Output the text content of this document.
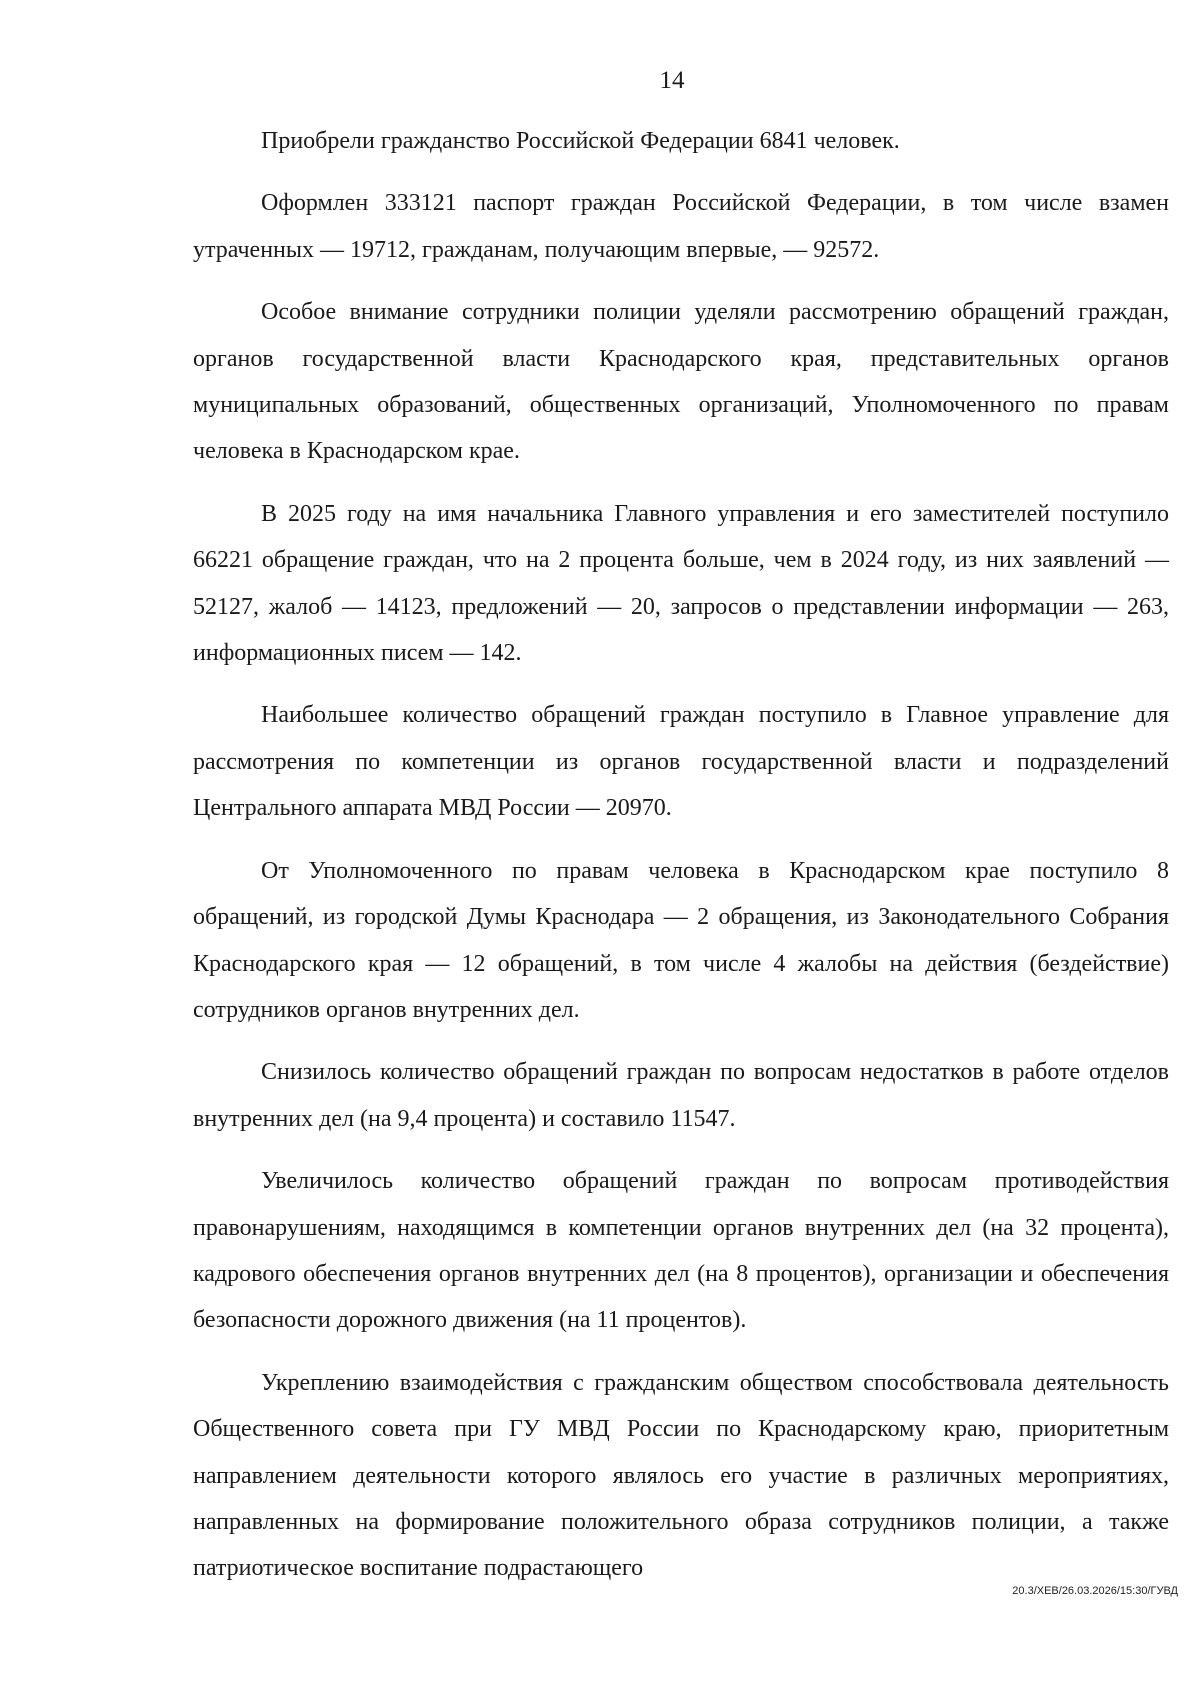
14

Приобрели гражданство Российской Федерации 6841 человек.

Оформлен 333121 паспорт граждан Российской Федерации, в том числе взамен утраченных — 19712, гражданам, получающим впервые, — 92572.

Особое внимание сотрудники полиции уделяли рассмотрению обращений граждан, органов государственной власти Краснодарского края, представительных органов муниципальных образований, общественных организаций, Уполномоченного по правам человека в Краснодарском крае.

В 2025 году на имя начальника Главного управления и его заместителей поступило 66221 обращение граждан, что на 2 процента больше, чем в 2024 году, из них заявлений — 52127, жалоб — 14123, предложений — 20, запросов о представлении информации — 263, информационных писем — 142.

Наибольшее количество обращений граждан поступило в Главное управление для рассмотрения по компетенции из органов государственной власти и подразделений Центрального аппарата МВД России — 20970.

От Уполномоченного по правам человека в Краснодарском крае поступило 8 обращений, из городской Думы Краснодара — 2 обращения, из Законодательного Собрания Краснодарского края — 12 обращений, в том числе 4 жалобы на действия (бездействие) сотрудников органов внутренних дел.

Снизилось количество обращений граждан по вопросам недостатков в работе отделов внутренних дел (на 9,4 процента) и составило 11547.

Увеличилось количество обращений граждан по вопросам противодействия правонарушениям, находящимся в компетенции органов внутренних дел (на 32 процента), кадрового обеспечения органов внутренних дел (на 8 процентов), организации и обеспечения безопасности дорожного движения (на 11 процентов).

Укреплению взаимодействия с гражданским обществом способствовала деятельность Общественного совета при ГУ МВД России по Краснодарскому краю, приоритетным направлением деятельности которого являлось его участие в различных мероприятиях, направленных на формирование положительного образа сотрудников полиции, а также патриотическое воспитание подрастающего

20.3/ХЕВ/26.03.2026/15:30/ГУВД
